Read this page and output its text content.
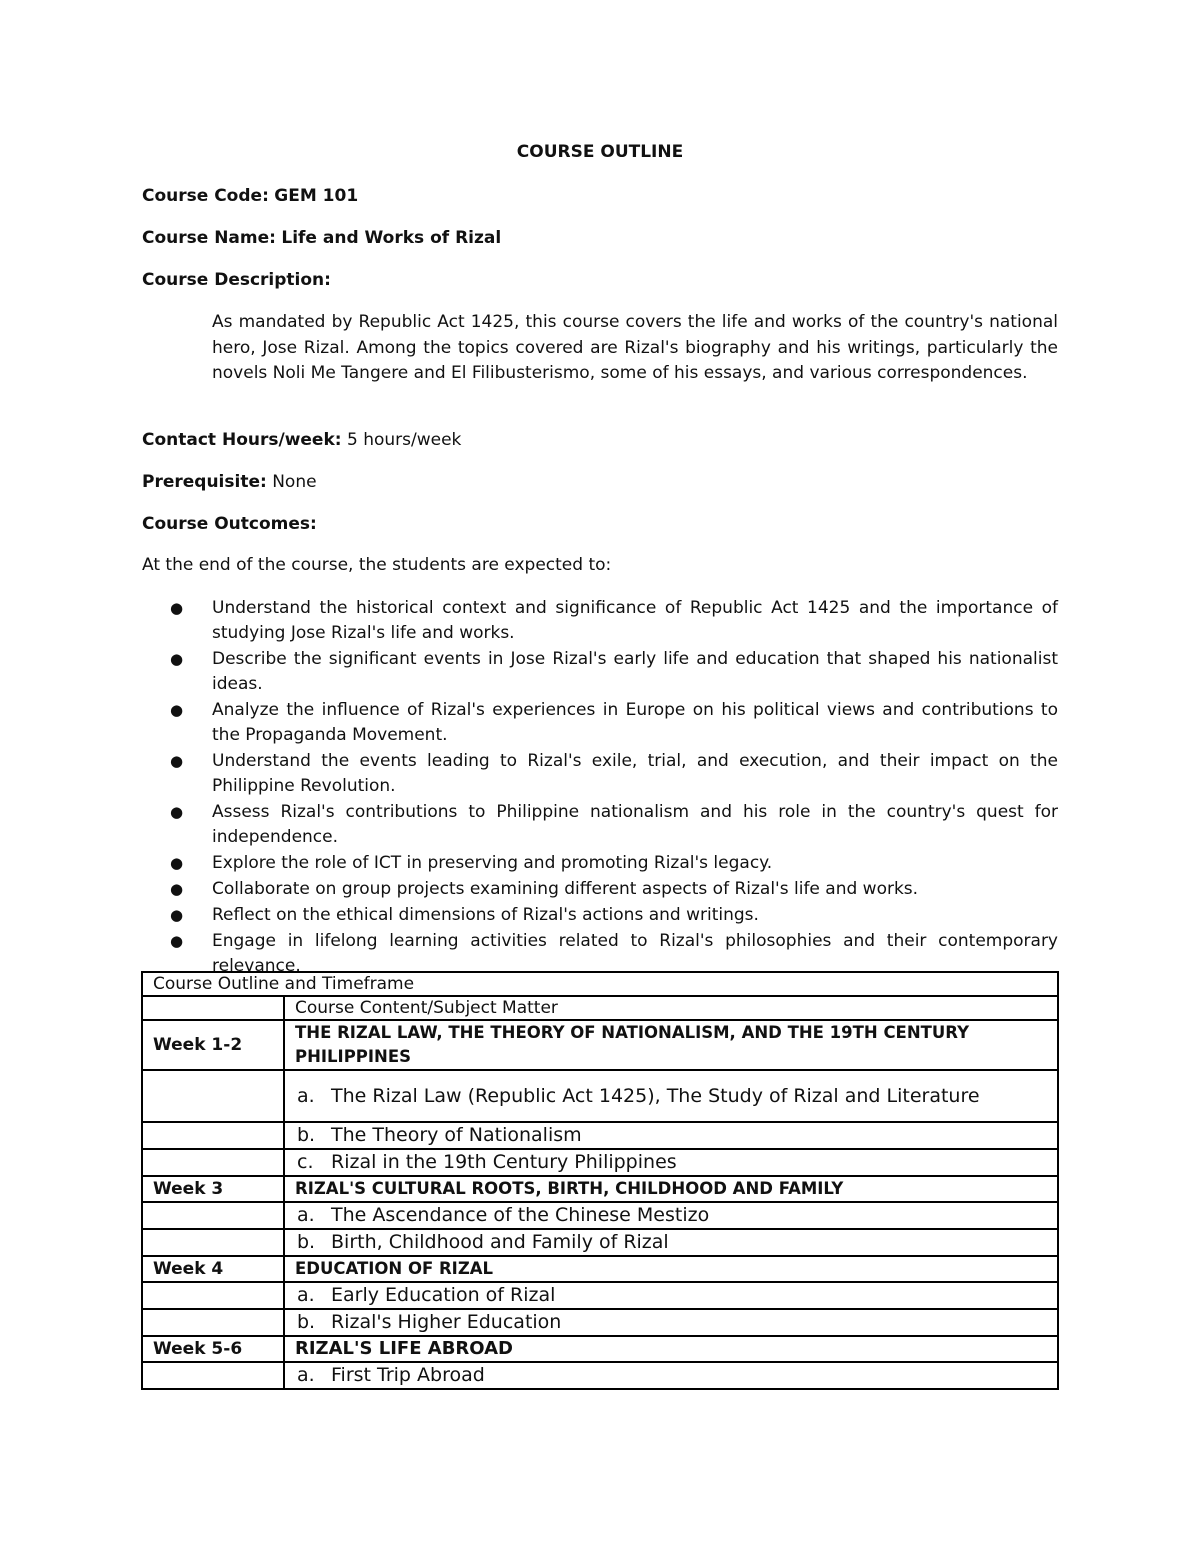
COURSE OUTLINE
Course Code: GEM 101
Course Name: Life and Works of Rizal
Course Description:
As mandated by Republic Act 1425, this course covers the life and works of the country's national hero, Jose Rizal. Among the topics covered are Rizal's biography and his writings, particularly the novels Noli Me Tangere and El Filibusterismo, some of his essays, and various correspondences.
Contact Hours/week: 5 hours/week
Prerequisite: None
Course Outcomes:
At the end of the course, the students are expected to:
● Understand the historical context and significance of Republic Act 1425 and the importance of studying Jose Rizal's life and works.
● Describe the significant events in Jose Rizal's early life and education that shaped his nationalist ideas.
● Analyze the influence of Rizal's experiences in Europe on his political views and contributions to the Propaganda Movement.
● Understand the events leading to Rizal's exile, trial, and execution, and their impact on the Philippine Revolution.
● Assess Rizal's contributions to Philippine nationalism and his role in the country's quest for independence.
● Explore the role of ICT in preserving and promoting Rizal's legacy.
● Collaborate on group projects examining different aspects of Rizal's life and works.
● Reflect on the ethical dimensions of Rizal's actions and writings.
● Engage in lifelong learning activities related to Rizal's philosophies and their contemporary relevance.
Course Outline and Timeframe	
	Course Content/Subject Matter
Week 1-2	THE RIZAL LAW, THE THEORY OF NATIONALISM, AND THE 19TH CENTURY PHILIPPINES
	a. The Rizal Law (Republic Act 1425), The Study of Rizal and Literature
	b. The Theory of Nationalism
	c. Rizal in the 19th Century Philippines
Week 3	RIZAL'S CULTURAL ROOTS, BIRTH, CHILDHOOD AND FAMILY
	a. The Ascendance of the Chinese Mestizo
	b. Birth, Childhood and Family of Rizal
Week 4	EDUCATION OF RIZAL
	a. Early Education of Rizal
	b. Rizal's Higher Education
Week 5-6	RIZAL'S LIFE ABROAD
	a. First Trip Abroad
